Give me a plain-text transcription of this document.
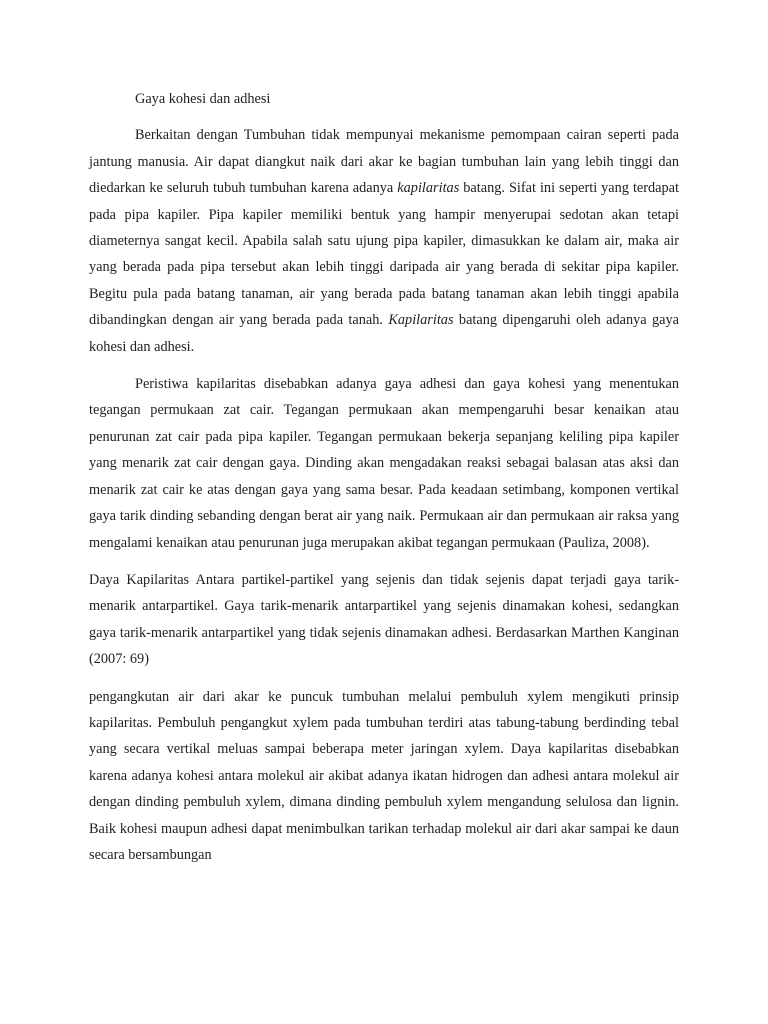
Gaya kohesi dan adhesi

Berkaitan dengan Tumbuhan tidak mempunyai mekanisme pemompaan cairan seperti pada jantung manusia. Air dapat diangkut naik dari akar ke bagian tumbuhan lain yang lebih tinggi dan diedarkan ke seluruh tubuh tumbuhan karena adanya kapilaritas batang. Sifat ini seperti yang terdapat pada pipa kapiler. Pipa kapiler memiliki bentuk yang hampir menyerupai sedotan akan tetapi diameternya sangat kecil. Apabila salah satu ujung pipa kapiler, dimasukkan ke dalam air, maka air yang berada pada pipa tersebut akan lebih tinggi daripada air yang berada di sekitar pipa kapiler. Begitu pula pada batang tanaman, air yang berada pada batang tanaman akan lebih tinggi apabila dibandingkan dengan air yang berada pada tanah. Kapilaritas batang dipengaruhi oleh adanya gaya kohesi dan adhesi.

Peristiwa kapilaritas disebabkan adanya gaya adhesi dan gaya kohesi yang menentukan tegangan permukaan zat cair. Tegangan permukaan akan mempengaruhi besar kenaikan atau penurunan zat cair pada pipa kapiler. Tegangan permukaan bekerja sepanjang keliling pipa kapiler yang menarik zat cair dengan gaya. Dinding akan mengadakan reaksi sebagai balasan atas aksi dan menarik zat cair ke atas dengan gaya yang sama besar. Pada keadaan setimbang, komponen vertikal gaya tarik dinding sebanding dengan berat air yang naik. Permukaan air dan permukaan air raksa yang mengalami kenaikan atau penurunan juga merupakan akibat tegangan permukaan (Pauliza, 2008).

Daya Kapilaritas Antara partikel-partikel yang sejenis dan tidak sejenis dapat terjadi gaya tarik-menarik antarpartikel. Gaya tarik-menarik antarpartikel yang sejenis dinamakan kohesi, sedangkan gaya tarik-menarik antarpartikel yang tidak sejenis dinamakan adhesi. Berdasarkan Marthen Kanginan (2007: 69)

pengangkutan air dari akar ke puncuk tumbuhan melalui pembuluh xylem mengikuti prinsip kapilaritas. Pembuluh pengangkut xylem pada tumbuhan terdiri atas tabung-tabung berdinding tebal yang secara vertikal meluas sampai beberapa meter jaringan xylem. Daya kapilaritas disebabkan karena adanya kohesi antara molekul air akibat adanya ikatan hidrogen dan adhesi antara molekul air dengan dinding pembuluh xylem, dimana dinding pembuluh xylem mengandung selulosa dan lignin. Baik kohesi maupun adhesi dapat menimbulkan tarikan terhadap molekul air dari akar sampai ke daun secara bersambungan
